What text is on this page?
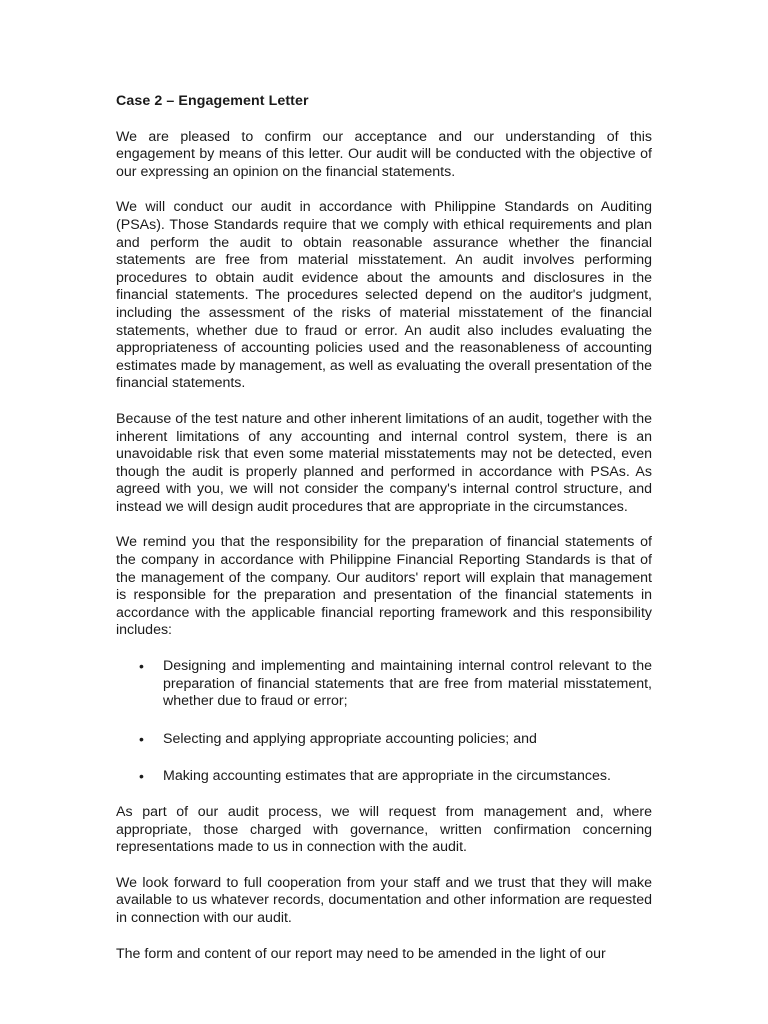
Case 2 – Engagement Letter

We are pleased to confirm our acceptance and our understanding of this engagement by means of this letter. Our audit will be conducted with the objective of our expressing an opinion on the financial statements.

We will conduct our audit in accordance with Philippine Standards on Auditing (PSAs). Those Standards require that we comply with ethical requirements and plan and perform the audit to obtain reasonable assurance whether the financial statements are free from material misstatement. An audit involves performing procedures to obtain audit evidence about the amounts and disclosures in the financial statements. The procedures selected depend on the auditor's judgment, including the assessment of the risks of material misstatement of the financial statements, whether due to fraud or error. An audit also includes evaluating the appropriateness of accounting policies used and the reasonableness of accounting estimates made by management, as well as evaluating the overall presentation of the financial statements.

Because of the test nature and other inherent limitations of an audit, together with the inherent limitations of any accounting and internal control system, there is an unavoidable risk that even some material misstatements may not be detected, even though the audit is properly planned and performed in accordance with PSAs. As agreed with you, we will not consider the company's internal control structure, and instead we will design audit procedures that are appropriate in the circumstances.

We remind you that the responsibility for the preparation of financial statements of the company in accordance with Philippine Financial Reporting Standards is that of the management of the company. Our auditors' report will explain that management is responsible for the preparation and presentation of the financial statements in accordance with the applicable financial reporting framework and this responsibility includes:

• Designing and implementing and maintaining internal control relevant to the preparation of financial statements that are free from material misstatement, whether due to fraud or error;
• Selecting and applying appropriate accounting policies; and
• Making accounting estimates that are appropriate in the circumstances.

As part of our audit process, we will request from management and, where appropriate, those charged with governance, written confirmation concerning representations made to us in connection with the audit.

We look forward to full cooperation from your staff and we trust that they will make available to us whatever records, documentation and other information are requested in connection with our audit.

The form and content of our report may need to be amended in the light of our
